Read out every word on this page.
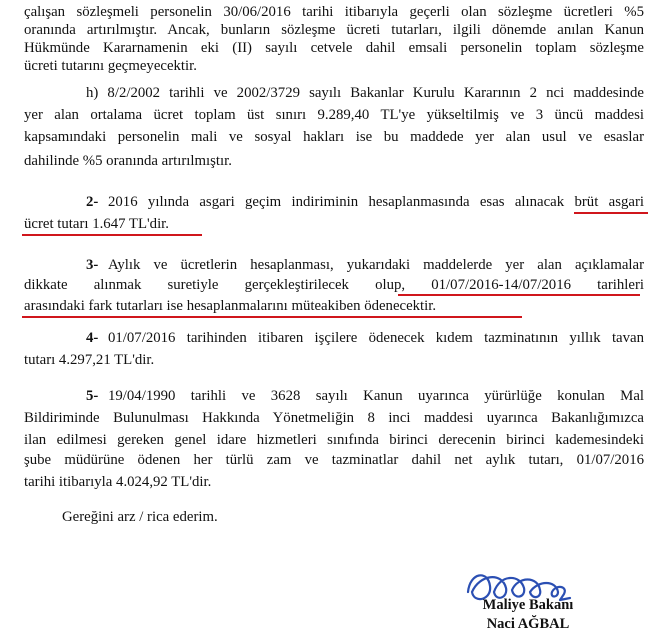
çalışan sözleşmeli personelin 30/06/2016 tarihi itibarıyla geçerli olan sözleşme ücretleri %5
oranında artırılmıştır. Ancak, bunların sözleşme ücreti tutarları, ilgili dönemde anılan Kanun
Hükmünde Kararnamenin eki (II) sayılı cetvele dahil emsali personelin toplam sözleşme
ücreti tutarını geçmeyecektir.
h) 8/2/2002 tarihli ve 2002/3729 sayılı Bakanlar Kurulu Kararının 2 nci maddesinde
yer alan ortalama ücret toplam üst sınırı 9.289,40 TL'ye yükseltilmiş ve 3 üncü maddesi
kapsamındaki personelin mali ve sosyal hakları ise bu maddede yer alan usul ve esaslar
dahilinde %5 oranında artırılmıştır.
2- 2016 yılında asgari geçim indiriminin hesaplanmasında esas alınacak brüt asgari
ücret tutarı 1.647 TL'dir.
3- Aylık ve ücretlerin hesaplanması, yukarıdaki maddelerde yer alan açıklamalar
dikkate alınmak suretiyle gerçekleştirilecek olup, 01/07/2016-14/07/2016 tarihleri
arasındaki fark tutarları ise hesaplanmalarını müteakiben ödenecektir.
4- 01/07/2016 tarihinden itibaren işçilere ödenecek kıdem tazminatının yıllık tavan
tutarı 4.297,21 TL'dir.
5- 19/04/1990 tarihli ve 3628 sayılı Kanun uyarınca yürürlüğe konulan Mal
Bildiriminde Bulunulması Hakkında Yönetmeliğin 8 inci maddesi uyarınca Bakanlığımızca
ilan edilmesi gereken genel idare hizmetleri sınıfında birinci derecenin birinci kademesindeki
şube müdürüne ödenen her türlü zam ve tazminatlar dahil net aylık tutarı, 01/07/2016
tarihi itibarıyla 4.024,92 TL'dir.
Gereğini arz / rica ederim.
Maliye Bakanı
Naci AĞBAL
